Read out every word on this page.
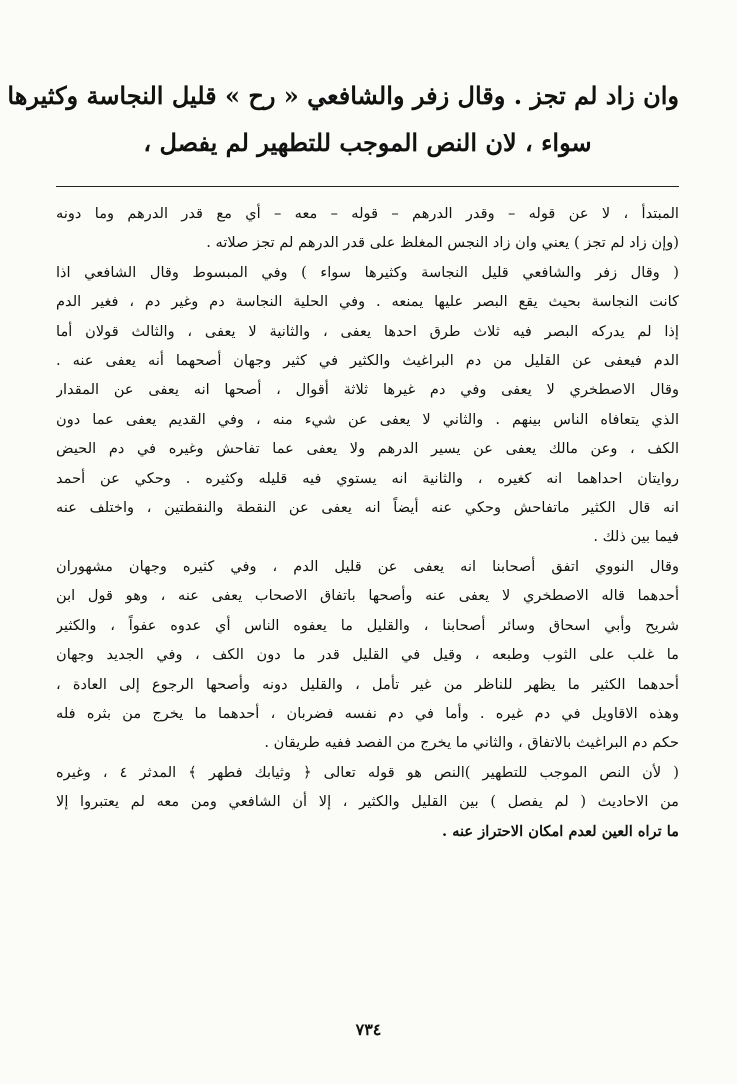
وان زاد لم تجز . وقال زفر والشافعي « رح » قليل النجاسة وكثيرها
سواء ، لان النص الموجب للتطهير لم يفصل ،

المبتدأ ، لا عن قوله – وقدر الدرهم – قوله – معه – أي مع قدر الدرهم وما دونه
(وإن زاد لم تجز ) يعني وان زاد النجس المغلظ على قدر الدرهم لم تجز صلاته .
( وقال زفر والشافعي قليل النجاسة وكثيرها سواء ) وفي المبسوط وقال الشافعي اذا
كانت النجاسة بحيث يقع البصر عليها يمنعه . وفي الحلية النجاسة دم وغير دم ، فغير الدم
إذا لم يدركه البصر فيه ثلاث طرق احدها يعفى ، والثانية لا يعفى ، والثالث قولان أما
الدم فيعفى عن القليل من دم البراغيث والكثير في كثير وجهان أصحهما أنه يعفى عنه .
وقال الاصطخري لا يعفى وفي دم غيرها ثلاثة أقوال ، أصحها انه يعفى عن المقدار
الذي يتعافاه الناس بينهم . والثاني لا يعفى عن شيء منه ، وفي القديم يعفى عما دون
الكف ، وعن مالك يعفى عن يسير الدرهم ولا يعفى عما تفاحش وغيره في دم الحيض
روايتان احداهما انه كغيره ، والثانية انه يستوي فيه قليله وكثيره . وحكي عن أحمد
انه قال الكثير ماتفاحش وحكي عنه أيضاً انه يعفى عن النقطة والنقطتين ، واختلف عنه
فيما بين ذلك .
وقال النووي اتفق أصحابنا انه يعفى عن قليل الدم ، وفي كثيره وجهان مشهوران
أحدهما قاله الاصطخري لا يعفى عنه وأصحها باتفاق الاصحاب يعفى عنه ، وهو قول ابن
شريح وأبي اسحاق وسائر أصحابنا ، والقليل ما يعفوه الناس أي عدوه عفواً ، والكثير
ما غلب على الثوب وطبعه ، وقيل في القليل قدر ما دون الكف ، وفي الجديد وجهان
أحدهما الكثير ما يظهر للناظر من غير تأمل ، والقليل دونه وأصحها الرجوع إلى العادة ،
وهذه الاقاويل في دم غيره . وأما في دم نفسه فضربان ، أحدهما ما يخرج من بثره فله
حكم دم البراغيث بالاتفاق ، والثاني ما يخرج من الفصد ففيه طريقان .
( لأن النص الموجب للتطهير )النص هو قوله تعالى ﴿ وثيابك فطهر ﴾ المدثر ٤ ، وغيره
من الاحاديث ( لم يفصل ) بين القليل والكثير ، إلا أن الشافعي ومن معه لم يعتبروا إلا
ما تراه العين لعدم امكان الاحتراز عنه .

٧٣٤
